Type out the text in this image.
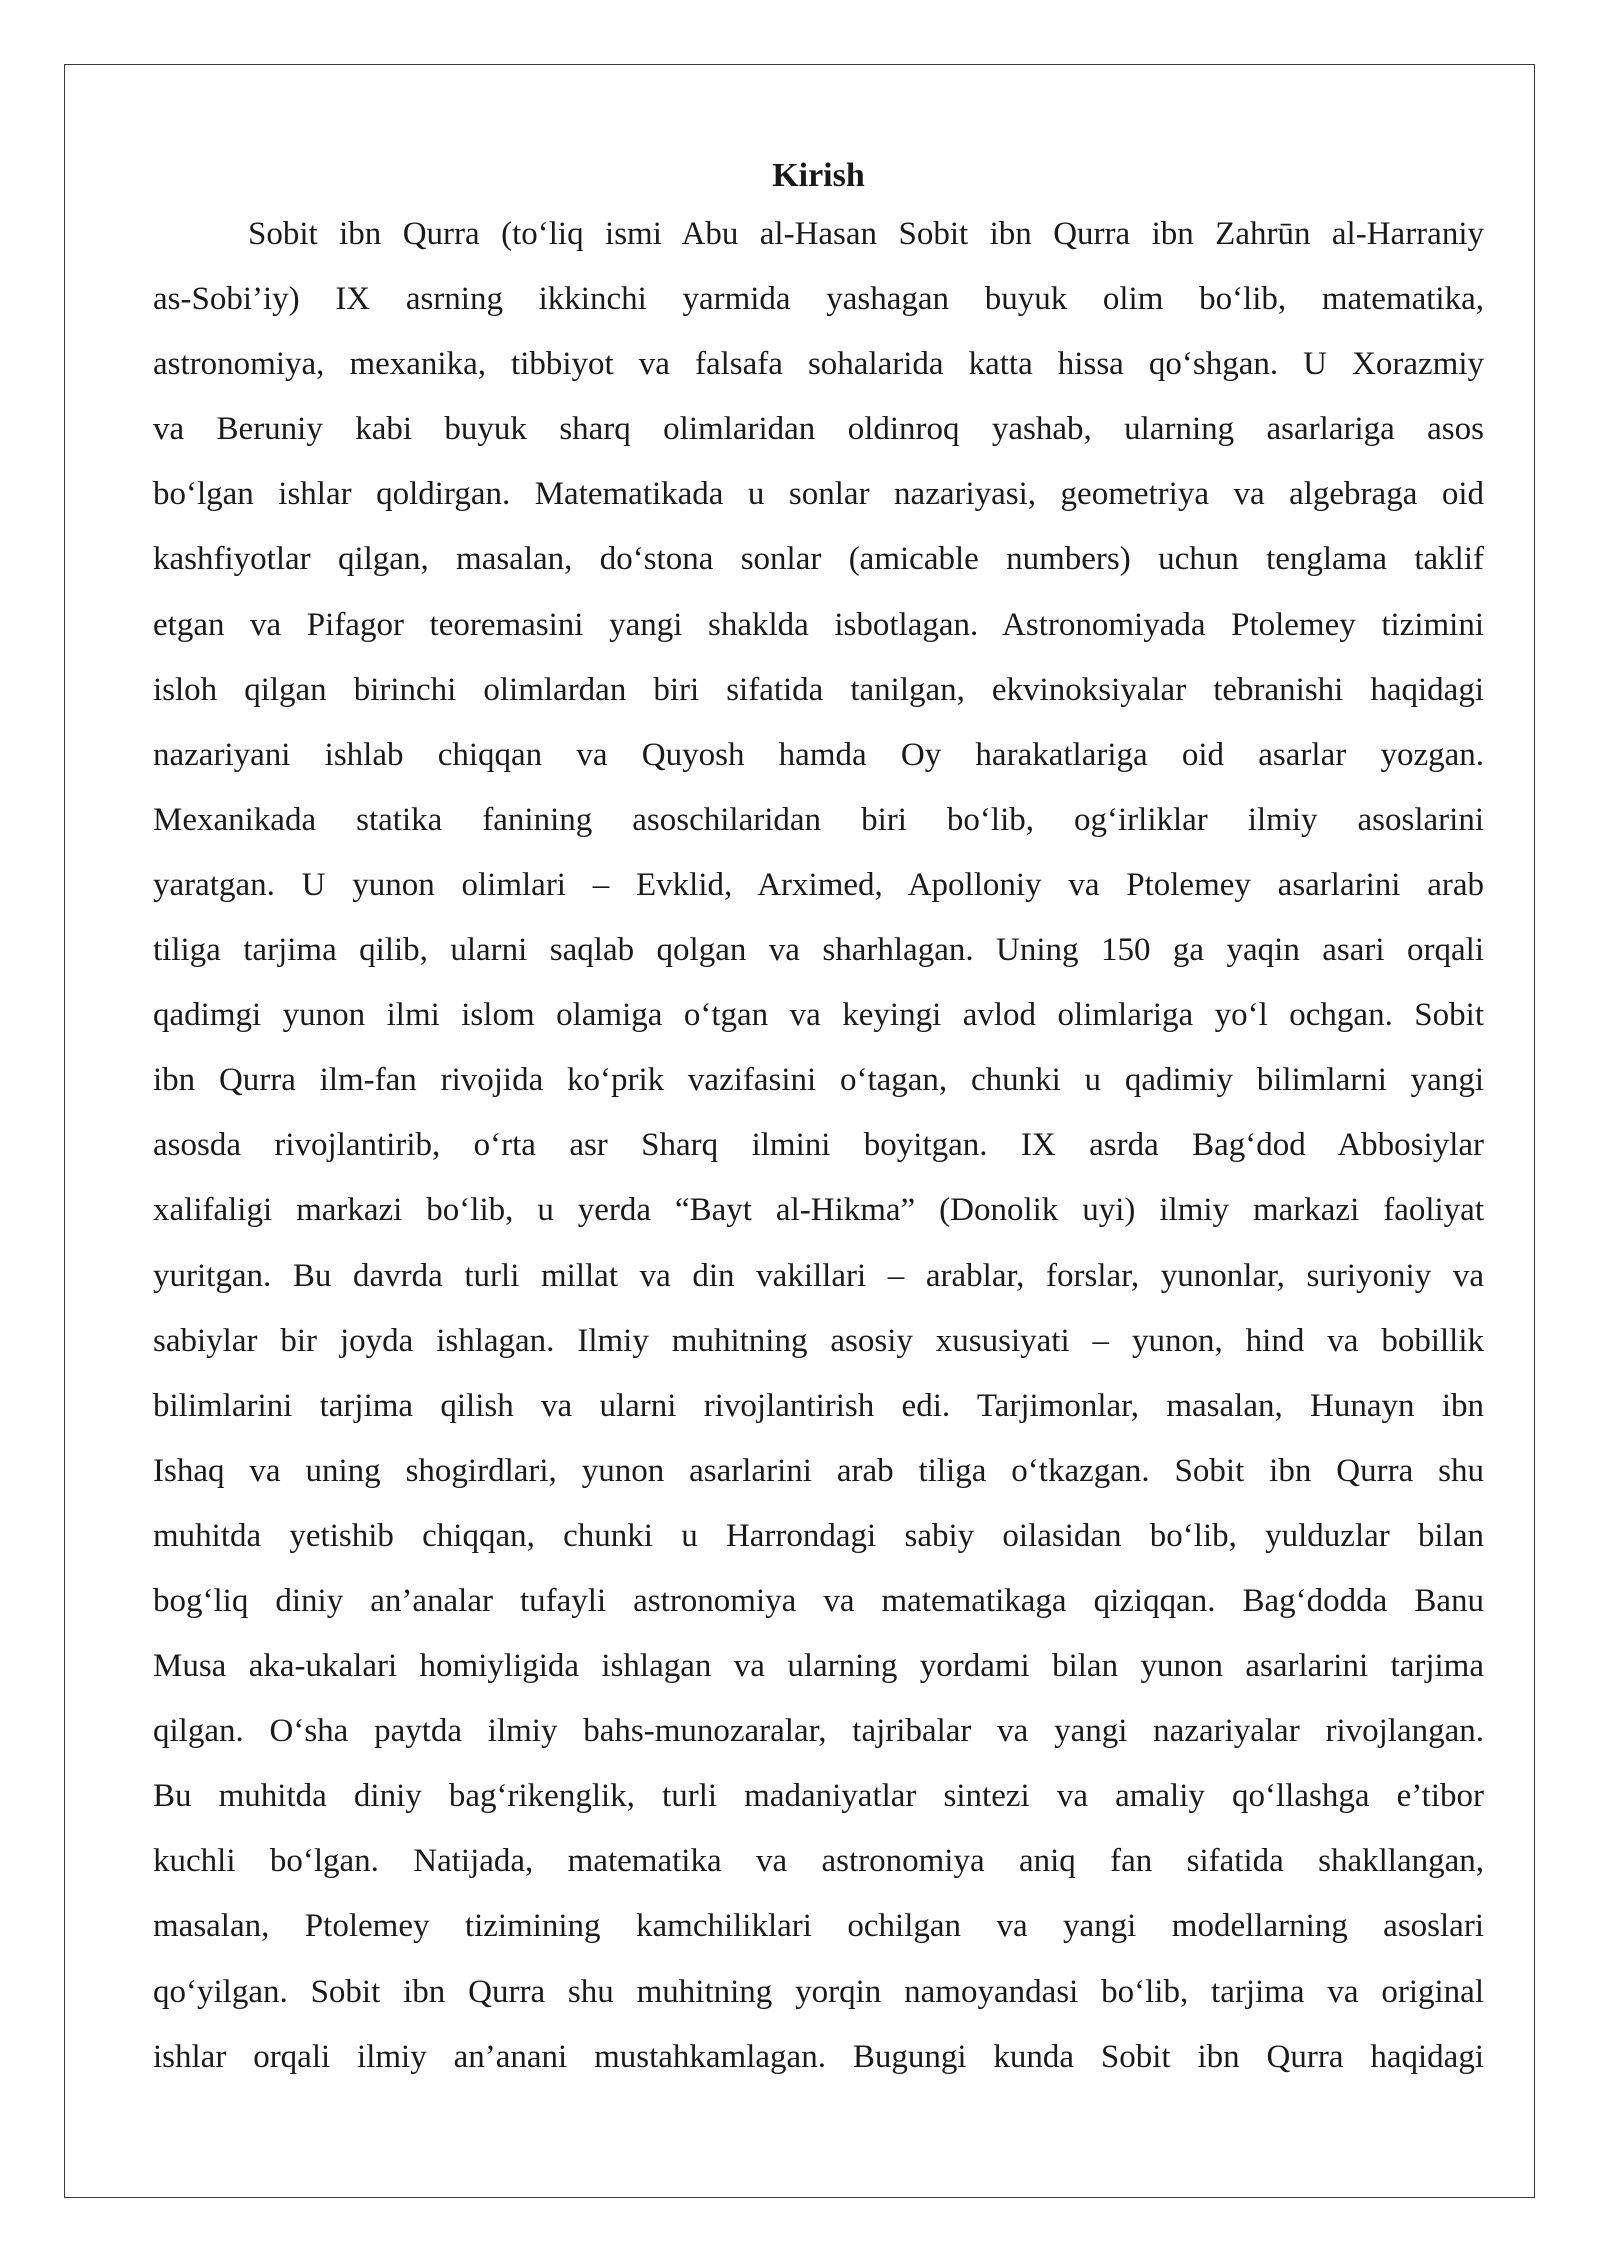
Kirish
Sobit ibn Qurra (to‘liq ismi Abu al-Hasan Sobit ibn Qurra ibn Zahrūn al-Harraniy
as-Sobi’iy) IX asrning ikkinchi yarmida yashagan buyuk olim bo‘lib, matematika,
astronomiya, mexanika, tibbiyot va falsafa sohalarida katta hissa qo‘shgan. U Xorazmiy
va Beruniy kabi buyuk sharq olimlaridan oldinroq yashab, ularning asarlariga asos
bo‘lgan ishlar qoldirgan. Matematikada u sonlar nazariyasi, geometriya va algebraga oid
kashfiyotlar qilgan, masalan, do‘stona sonlar (amicable numbers) uchun tenglama taklif
etgan va Pifagor teoremasini yangi shaklda isbotlagan. Astronomiyada Ptolemey tizimini
isloh qilgan birinchi olimlardan biri sifatida tanilgan, ekvinoksiyalar tebranishi haqidagi
nazariyani ishlab chiqqan va Quyosh hamda Oy harakatlariga oid asarlar yozgan.
Mexanikada statika fanining asoschilaridan biri bo‘lib, og‘irliklar ilmiy asoslarini
yaratgan. U yunon olimlari – Evklid, Arximed, Apolloniy va Ptolemey asarlarini arab
tiliga tarjima qilib, ularni saqlab qolgan va sharhlagan. Uning 150 ga yaqin asari orqali
qadimgi yunon ilmi islom olamiga o‘tgan va keyingi avlod olimlariga yo‘l ochgan. Sobit
ibn Qurra ilm-fan rivojida ko‘prik vazifasini o‘tagan, chunki u qadimiy bilimlarni yangi
asosda rivojlantirib, o‘rta asr Sharq ilmini boyitgan. IX asrda Bag‘dod Abbosiylar
xalifaligi markazi bo‘lib, u yerda “Bayt al-Hikma” (Donolik uyi) ilmiy markazi faoliyat
yuritgan. Bu davrda turli millat va din vakillari – arablar, forslar, yunonlar, suriyoniy va
sabiylar bir joyda ishlagan. Ilmiy muhitning asosiy xususiyati – yunon, hind va bobillik
bilimlarini tarjima qilish va ularni rivojlantirish edi. Tarjimonlar, masalan, Hunayn ibn
Ishaq va uning shogirdlari, yunon asarlarini arab tiliga o‘tkazgan. Sobit ibn Qurra shu
muhitda yetishib chiqqan, chunki u Harrondagi sabiy oilasidan bo‘lib, yulduzlar bilan
bog‘liq diniy an’analar tufayli astronomiya va matematikaga qiziqqan. Bag‘dodda Banu
Musa aka-ukalari homiyligida ishlagan va ularning yordami bilan yunon asarlarini tarjima
qilgan. O‘sha paytda ilmiy bahs-munozaralar, tajribalar va yangi nazariyalar rivojlangan.
Bu muhitda diniy bag‘rikenglik, turli madaniyatlar sintezi va amaliy qo‘llashga e’tibor
kuchli bo‘lgan. Natijada, matematika va astronomiya aniq fan sifatida shakllangan,
masalan, Ptolemey tizimining kamchiliklari ochilgan va yangi modellarning asoslari
qo‘yilgan. Sobit ibn Qurra shu muhitning yorqin namoyandasi bo‘lib, tarjima va original
ishlar orqali ilmiy an’anani mustahkamlagan. Bugungi kunda Sobit ibn Qurra haqidagi
